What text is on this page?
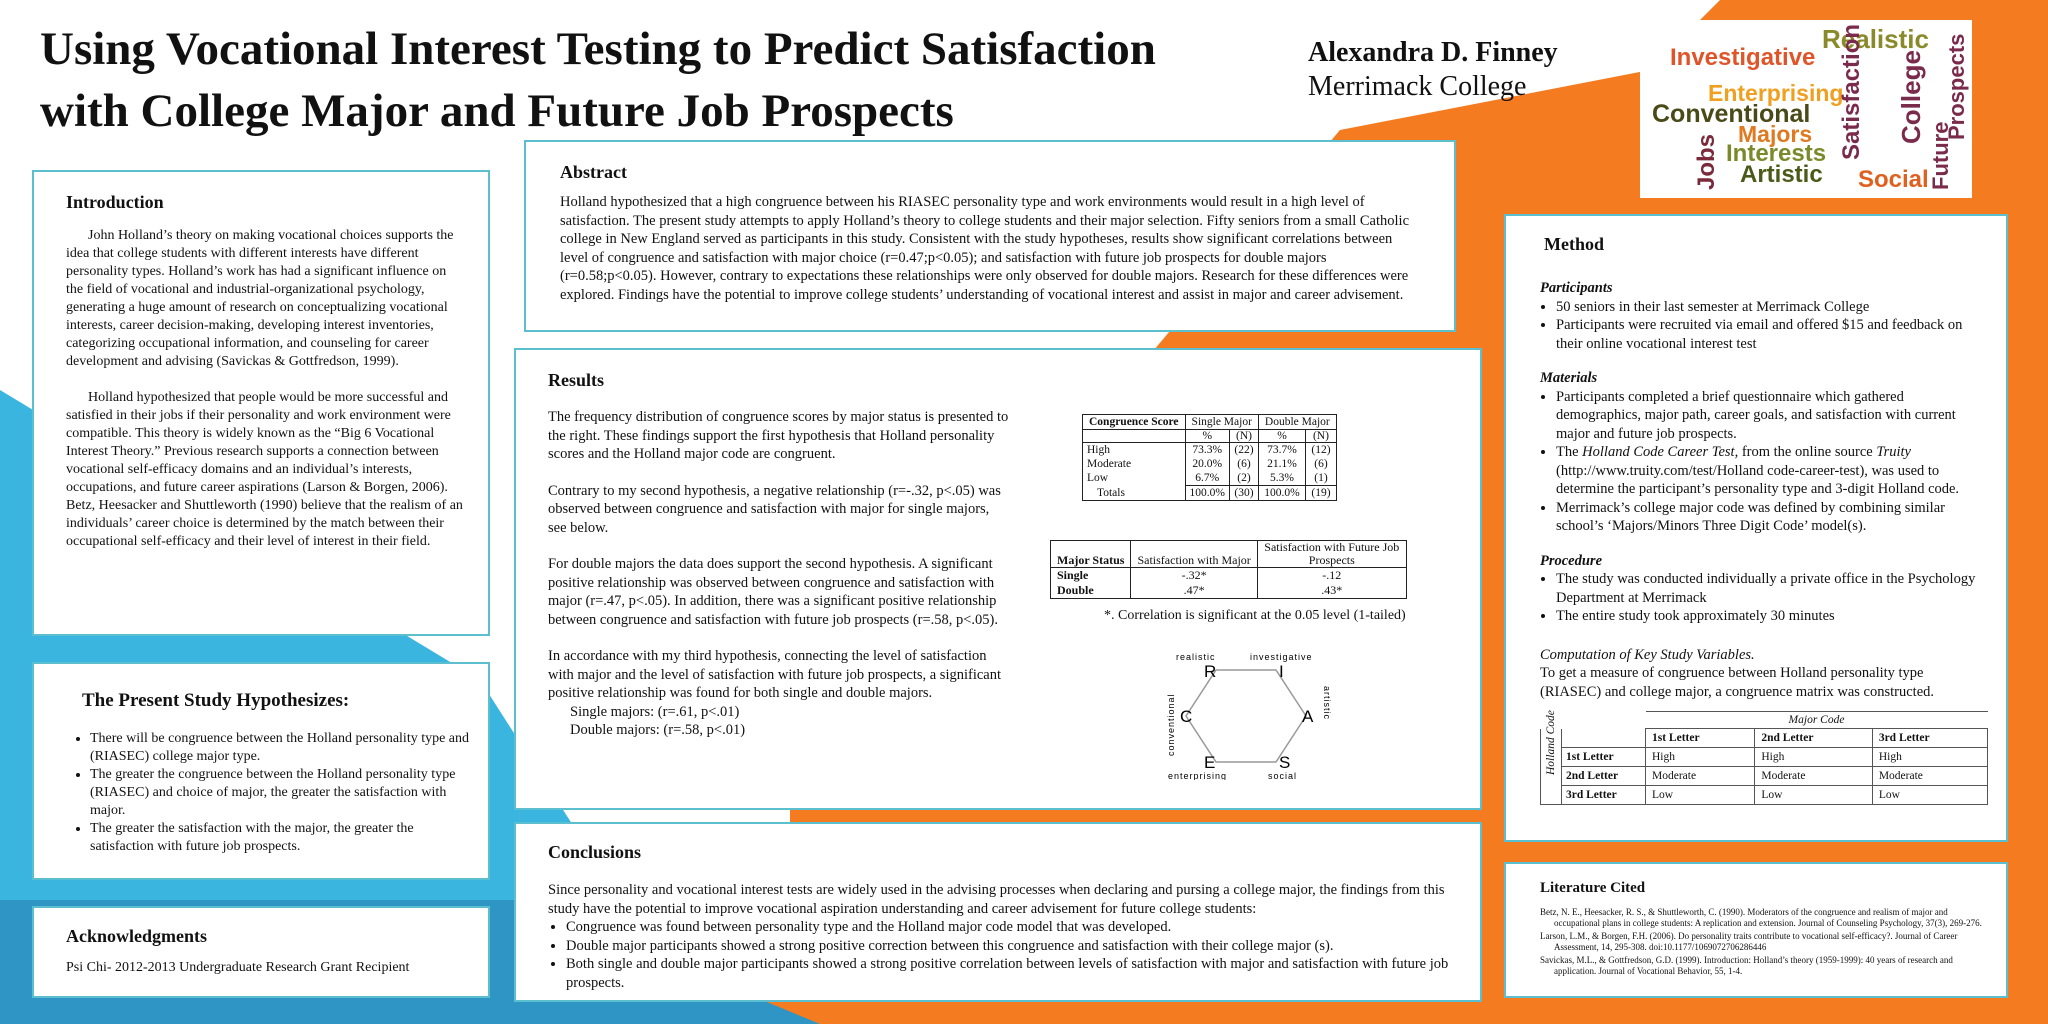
Using Vocational Interest Testing to Predict Satisfaction
with College Major and Future Job Prospects
Alexandra D. Finney
Merrimack College
Realistic
Investigative
Enterprising
Conventional
Majors
Interests
Artistic Social
Jobs
Satisfaction College
Future
Prospects
Introduction

John Holland’s theory on making vocational choices supports the idea that college students with different interests have different personality types. Holland’s work has had a significant influence on the field of vocational and industrial-organizational psychology, generating a huge amount of research on conceptualizing vocational interests, career decision-making, developing interest inventories, categorizing occupational information, and counseling for career development and advising (Savickas & Gottfredson, 1999).

Holland hypothesized that people would be more successful and satisfied in their jobs if their personality and work environment were compatible. This theory is widely known as the “Big 6 Vocational Interest Theory.” Previous research supports a connection between vocational self-efficacy domains and an individual’s interests, occupations, and future career aspirations (Larson & Borgen, 2006). Betz, Heesacker and Shuttleworth (1990) believe that the realism of an individuals’ career choice is determined by the match between their occupational self-efficacy and their level of interest in their field.

The Present Study Hypothesizes:
• There will be congruence between the Holland personality type and (RIASEC) college major type.
• The greater the congruence between the Holland personality type (RIASEC) and choice of major, the greater the satisfaction with major.
• The greater the satisfaction with the major, the greater the satisfaction with future job prospects.
Acknowledgments

Psi Chi- 2012-2013 Undergraduate Research Grant Recipient

Abstract

Holland hypothesized that a high congruence between his RIASEC personality type and work environments would result in a high level of satisfaction. The present study attempts to apply Holland’s theory to college students and their major selection. Fifty seniors from a small Catholic college in New England served as participants in this study. Consistent with the study hypotheses, results show significant correlations between level of congruence and satisfaction with major choice (r=0.47;p<0.05); and satisfaction with future job prospects for double majors (r=0.58;p<0.05). However, contrary to expectations these relationships were only observed for double majors. Research for these differences were explored. Findings have the potential to improve college students’ understanding of vocational interest and assist in major and career advisement.

Results

The frequency distribution of congruence scores by major status is presented to the right. These findings support the first hypothesis that Holland personality scores and the Holland major code are congruent.

Contrary to my second hypothesis, a negative relationship (r=-.32, p<.05) was observed between congruence and satisfaction with major for single majors, see below.

For double majors the data does support the second hypothesis. A significant positive relationship was observed between congruence and satisfaction with major (r=.47, p<.05). In addition, there was a significant positive relationship between congruence and satisfaction with future job prospects (r=.58, p<.05).

In accordance with my third hypothesis, connecting the level of satisfaction with major and the level of satisfaction with future job prospects, a significant positive relationship was found for both single and double majors.

Single majors: (r=.61, p<.01)

Double majors: (r=.58, p<.01)

Congruence Score	Single Major		Double Major	
	%	(N)	%	(N)
High	73.3%	(22)	73.7%	(12)
Moderate	20.0%	(6)	21.1%	(6)
Low	6.7%	(2)	5.3%	(1)
Totals	100.0%	(30)	100.0%	(19)
Major Status	Satisfaction with Major	Satisfaction with Future Job Prospects
Single	-.32*	-.12
Double	.47*	.43*
*. Correlation is significant at the 0.05 level (1-tailed)
R	I
A
S
E
C
realistic	investigative
artistic
social
enterprising
conventional
Conclusions

Since personality and vocational interest tests are widely used in the advising processes when declaring and pursing a college major, the findings from this study have the potential to improve vocational aspiration understanding and career advisement for future college students:

• Congruence was found between personality type and the Holland major code model that was developed.
• Double major participants showed a strong positive correction between this congruence and satisfaction with their college major (s).
• Both single and double major participants showed a strong positive correlation between levels of satisfaction with major and satisfaction with future job prospects.
Method
Participants
• 50 seniors in their last semester at Merrimack College
• Participants were recruited via email and offered $15 and feedback on their online vocational interest test
Materials
• Participants completed a brief questionnaire which gathered demographics, major path, career goals, and satisfaction with current major and future job prospects.
• The Holland Code Career Test, from the online source Truity (http://www.truity.com/test/Holland code-career-test), was used to determine the participant’s personality type and 3-digit Holland code.
• Merrimack’s college major code was defined by combining similar school’s ‘Majors/Minors Three Digit Code’ model(s).
Procedure
• The study was conducted individually a private office in the Psychology Department at Merrimack
• The entire study took approximately 30 minutes
Computation of Key Study Variables.

To get a measure of congruence between Holland personality type (RIASEC) and college major, a congruence matrix was constructed.

		Major Code		

Holland Code		1st Letter	2nd Letter	3rd Letter
	1st Letter	High	High	High
	2nd Letter	Moderate	Moderate	Moderate
	3rd Letter	Low	Low	Low
Literature Cited

Betz, N. E., Heesacker, R. S., & Shuttleworth, C. (1990). Moderators of the congruence and realism of major and occupational plans in college students: A replication and extension. Journal of Counseling Psychology, 37(3), 269-276.

Larson, L.M., & Borgen, F.H. (2006). Do personality traits contribute to vocational self-efficacy?. Journal of Career Assessment, 14, 295-308. doi:10.1177/1069072706286446

Savickas, M.L., & Gottfredson, G.D. (1999). Introduction: Holland’s theory (1959-1999): 40 years of research and application. Journal of Vocational Behavior, 55, 1-4.
